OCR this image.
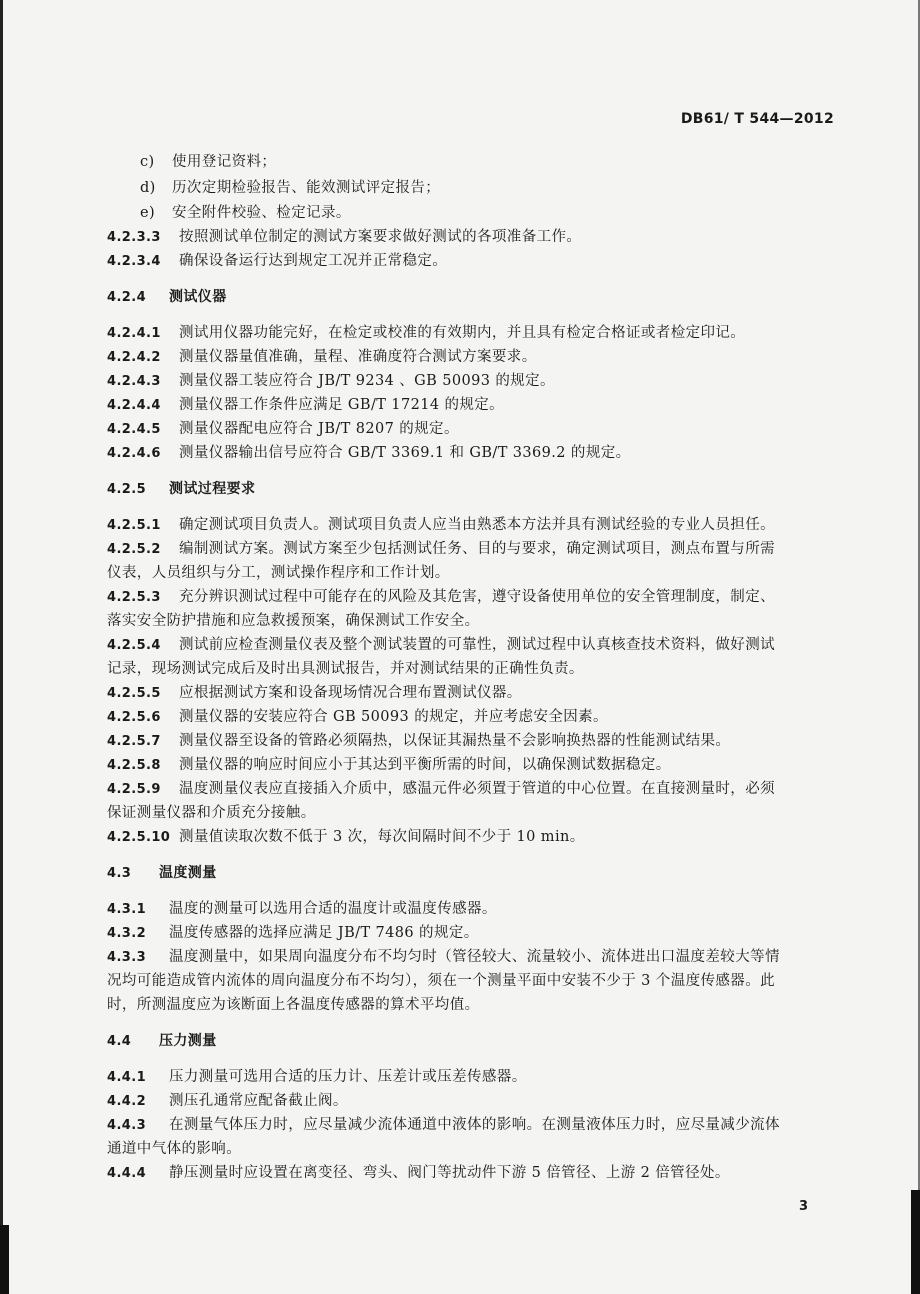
DB61/ T 544—2012
c) 使用登记资料；
d) 历次定期检验报告、能效测试评定报告；
e) 安全附件校验、检定记录。
4.2.3.3 按照测试单位制定的测试方案要求做好测试的各项准备工作。
4.2.3.4 确保设备运行达到规定工况并正常稳定。
4.2.4 测试仪器
4.2.4.1 测试用仪器功能完好，在检定或校准的有效期内，并且具有检定合格证或者检定印记。
4.2.4.2 测量仪器量值准确，量程、准确度符合测试方案要求。
4.2.4.3 测量仪器工装应符合 JB/T 9234 、GB 50093 的规定。
4.2.4.4 测量仪器工作条件应满足 GB/T 17214 的规定。
4.2.4.5 测量仪器配电应符合 JB/T 8207 的规定。
4.2.4.6 测量仪器输出信号应符合 GB/T 3369.1 和 GB/T 3369.2 的规定。
4.2.5 测试过程要求
4.2.5.1 确定测试项目负责人。测试项目负责人应当由熟悉本方法并具有测试经验的专业人员担任。
4.2.5.2 编制测试方案。测试方案至少包括测试任务、目的与要求，确定测试项目，测点布置与所需
仪表，人员组织与分工，测试操作程序和工作计划。
4.2.5.3 充分辨识测试过程中可能存在的风险及其危害，遵守设备使用单位的安全管理制度，制定、
落实安全防护措施和应急救援预案，确保测试工作安全。
4.2.5.4 测试前应检查测量仪表及整个测试装置的可靠性，测试过程中认真核查技术资料，做好测试
记录，现场测试完成后及时出具测试报告，并对测试结果的正确性负责。
4.2.5.5 应根据测试方案和设备现场情况合理布置测试仪器。
4.2.5.6 测量仪器的安装应符合 GB 50093 的规定，并应考虑安全因素。
4.2.5.7 测量仪器至设备的管路必须隔热，以保证其漏热量不会影响换热器的性能测试结果。
4.2.5.8 测量仪器的响应时间应小于其达到平衡所需的时间，以确保测试数据稳定。
4.2.5.9 温度测量仪表应直接插入介质中，感温元件必须置于管道的中心位置。在直接测量时，必须
保证测量仪器和介质充分接触。
4.2.5.10 测量值读取次数不低于 3 次，每次间隔时间不少于 10 min。
4.3 温度测量
4.3.1 温度的测量可以选用合适的温度计或温度传感器。
4.3.2 温度传感器的选择应满足 JB/T 7486 的规定。
4.3.3 温度测量中，如果周向温度分布不均匀时（管径较大、流量较小、流体进出口温度差较大等情
况均可能造成管内流体的周向温度分布不均匀），须在一个测量平面中安装不少于 3 个温度传感器。此
时，所测温度应为该断面上各温度传感器的算术平均值。
4.4 压力测量
4.4.1 压力测量可选用合适的压力计、压差计或压差传感器。
4.4.2 测压孔通常应配备截止阀。
4.4.3 在测量气体压力时，应尽量减少流体通道中液体的影响。在测量液体压力时，应尽量减少流体
通道中气体的影响。
4.4.4 静压测量时应设置在离变径、弯头、阀门等扰动件下游 5 倍管径、上游 2 倍管径处。
3
